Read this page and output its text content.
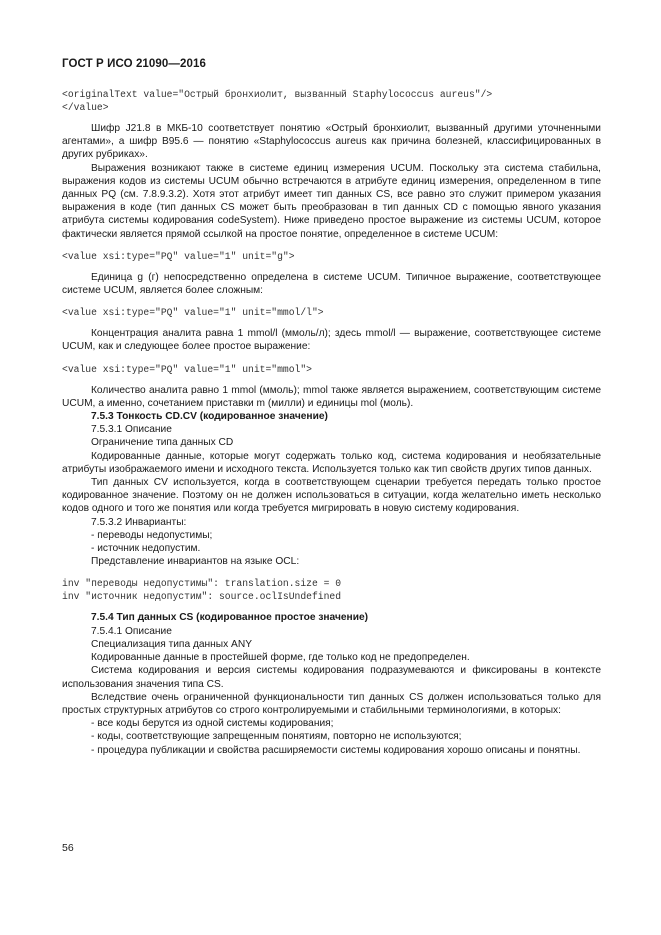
ГОСТ Р ИСО 21090—2016
<originalText value="Острый бронхиолит, вызванный Staphylococcus aureus"/>
</value>

Шифр J21.8 в МКБ-10 соответствует понятию «Острый бронхиолит, вызванный другими уточненными агентами», а шифр B95.6 — понятию «Staphylococcus aureus как причина болезней, классифицированных в других рубриках».

Выражения возникают также в системе единиц измерения UCUM. Поскольку эта система стабильна, выражения кодов из системы UCUM обычно встречаются в атрибуте единиц измерения, определенном в типе данных PQ (см. 7.8.9.3.2). Хотя этот атрибут имеет тип данных CS, все равно это служит примером указания выражения в коде (тип данных CS может быть преобразован в тип данных CD с помощью явного указания атрибута системы кодирования codeSystem). Ниже приведено простое выражение из системы UCUM, которое фактически является прямой ссылкой на простое понятие, определенное в системе UCUM:

<value xsi:type="PQ" value="1" unit="g">

Единица g (г) непосредственно определена в системе UCUM. Типичное выражение, соответствующее системе UCUM, является более сложным:

<value xsi:type="PQ" value="1" unit="mmol/l">

Концентрация аналита равна 1 mmol/l (ммоль/л); здесь mmol/l — выражение, соответствующее системе UCUM, как и следующее более простое выражение:

<value xsi:type="PQ" value="1" unit="mmol">

Количество аналита равно 1 mmol (ммоль); mmol также является выражением, соответствующим системе UCUM, а именно, сочетанием приставки m (милли) и единицы mol (моль).

7.5.3 Тонкость CD.CV (кодированное значение)
7.5.3.1 Описание
Ограничение типа данных CD

Кодированные данные, которые могут содержать только код, система кодирования и необязательные атрибуты изображаемого имени и исходного текста. Используется только как тип свойств других типов данных.

Тип данных CV используется, когда в соответствующем сценарии требуется передать только простое кодированное значение. Поэтому он не должен использоваться в ситуации, когда желательно иметь несколько кодов одного и того же понятия или когда требуется мигрировать в новую систему кодирования.

7.5.3.2 Инварианты:
- переводы недопустимы;
- источник недопустим.
Представление инвариантов на языке OCL:
inv "переводы недопустимы": translation.size = 0
inv "источник недопустим": source.oclIsUndefined
7.5.4 Тип данных CS (кодированное простое значение)
7.5.4.1 Описание
Специализация типа данных ANY
Кодированные данные в простейшей форме, где только код не предопределен.

Система кодирования и версия системы кодирования подразумеваются и фиксированы в контексте использования значения типа CS.

Вследствие очень ограниченной функциональности тип данных CS должен использоваться только для простых структурных атрибутов со строго контролируемыми и стабильными терминологиями, в которых:

- все коды берутся из одной системы кодирования;
- коды, соответствующие запрещенным понятиям, повторно не используются;
- процедура публикации и свойства расширяемости системы кодирования хорошо описаны и понятны.
56
